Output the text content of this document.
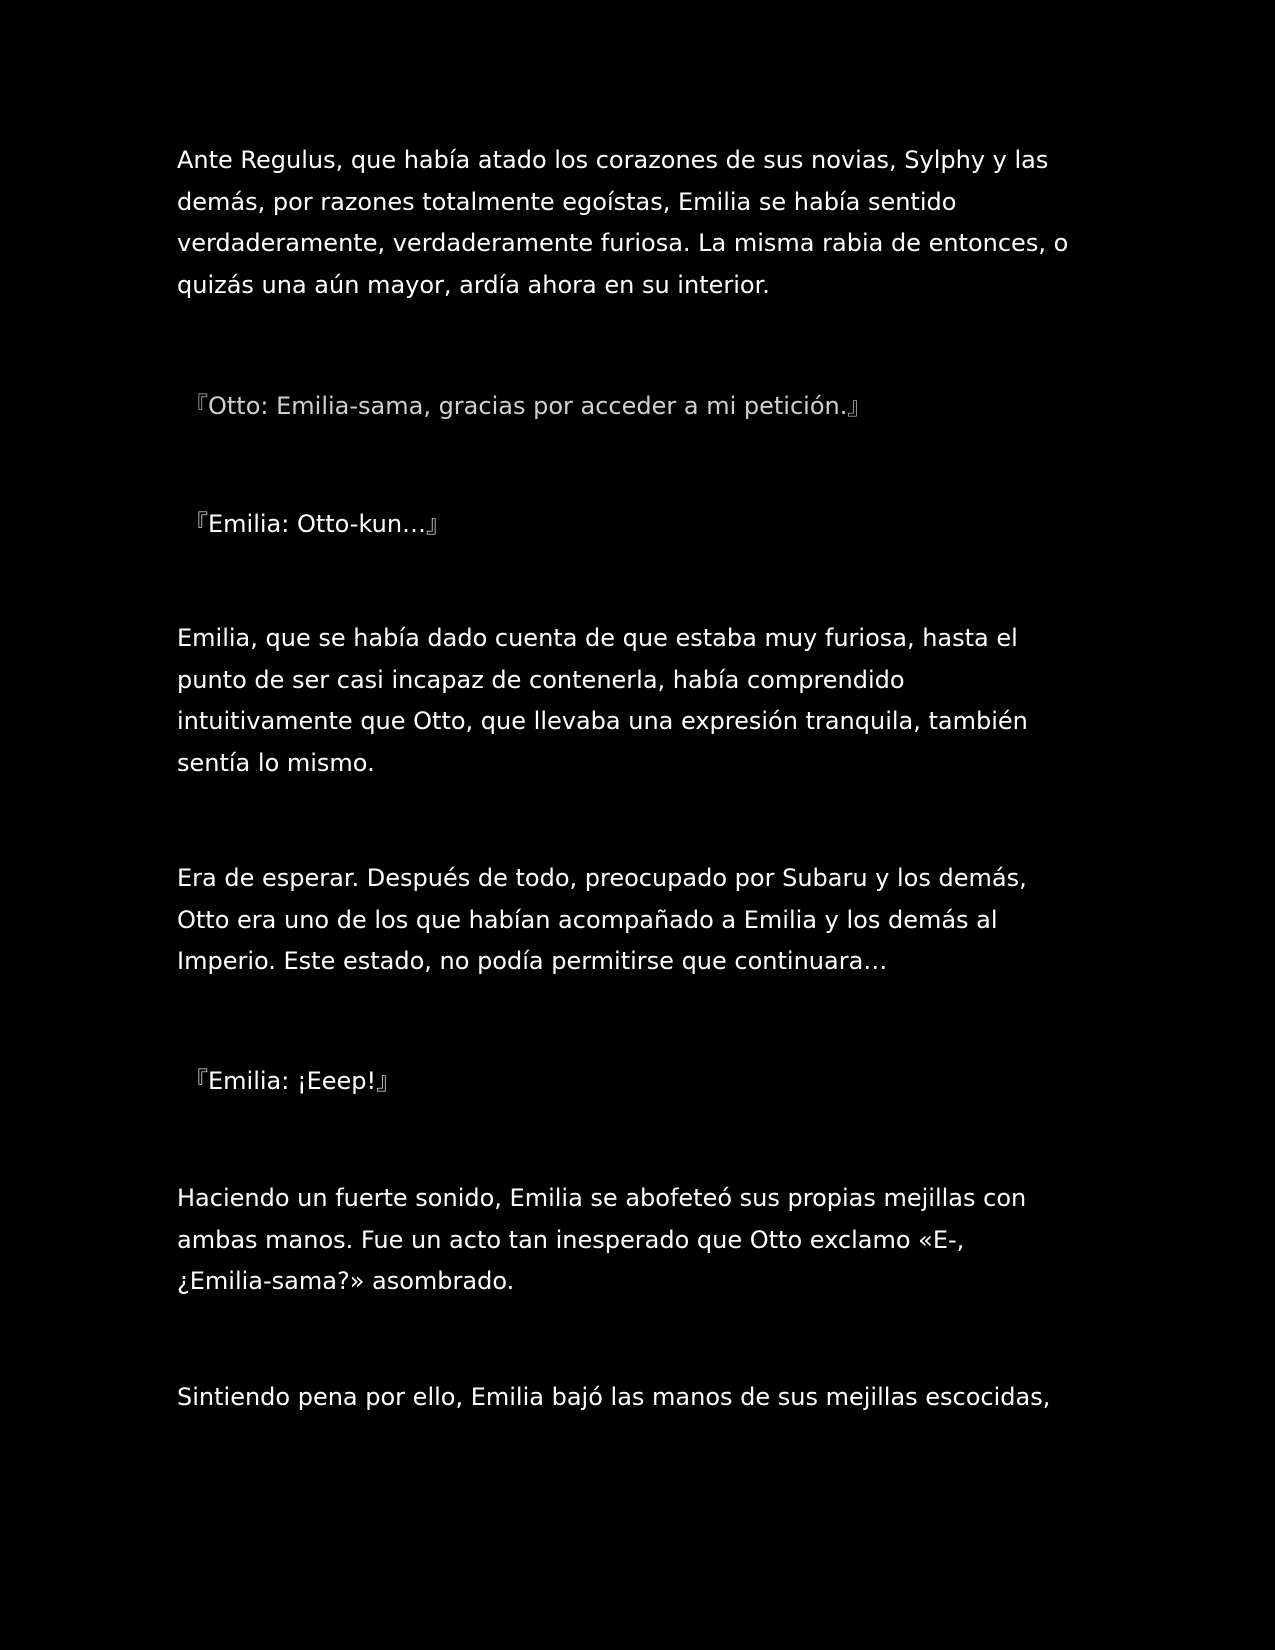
Ante Regulus, que había atado los corazones de sus novias, Sylphy y las
demás, por razones totalmente egoístas, Emilia se había sentido
verdaderamente, verdaderamente furiosa. La misma rabia de entonces, o
quizás una aún mayor, ardía ahora en su interior.
『Otto: Emilia-sama, gracias por acceder a mi petición.』
『Emilia: Otto-kun…』
Emilia, que se había dado cuenta de que estaba muy furiosa, hasta el
punto de ser casi incapaz de contenerla, había comprendido
intuitivamente que Otto, que llevaba una expresión tranquila, también
sentía lo mismo.
Era de esperar. Después de todo, preocupado por Subaru y los demás,
Otto era uno de los que habían acompañado a Emilia y los demás al
Imperio. Este estado, no podía permitirse que continuara…
『Emilia: ¡Eeep!』
Haciendo un fuerte sonido, Emilia se abofeteó sus propias mejillas con
ambas manos. Fue un acto tan inesperado que Otto exclamo «E-,
¿Emilia-sama?» asombrado.
Sintiendo pena por ello, Emilia bajó las manos de sus mejillas escocidas,
